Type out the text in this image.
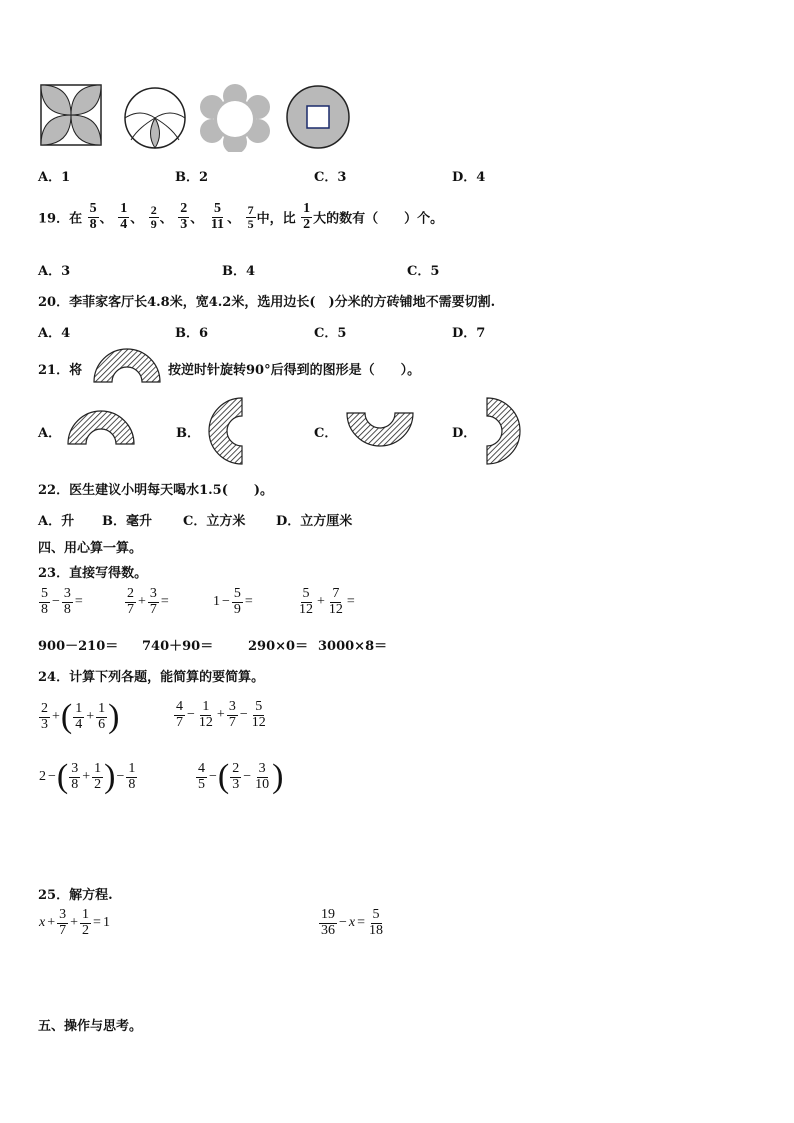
A．1	B．2	C．3	D．4
19．在 $\frac{5}{8}$ 、 $\frac{1}{4}$ 、 $\frac{2}{9}$ 、 $\frac{2}{3}$ 、 $\frac{5}{11}$ 、 $\frac{7}{5}$ 中，比 $\frac{1}{2}$ 大的数有（　　）个。
A．3	B．4	C．5
20．李菲家客厅长4.8米，宽4.2米，选用边长(　)分米的方砖铺地不需要切割.
A．4	B．6	C．5	D．7
21．将	按逆时针旋转90°后得到的图形是（　　）。
A．	B．	C．	D．
22．医生建议小明每天喝水1.5(　　)。
A．升 B．毫升 C．立方米 D．立方厘米
四、用心算一算。
23．直接写得数。
$\frac{5}{8} - \frac{3}{8}$ =	$\frac{2}{7} + \frac{3}{7}$ =	$1 - \frac{5}{9}$ =	$\frac{5}{12} + \frac{7}{12}$ =
900－210＝ 740＋90＝	290×0＝ 3000×8＝
24．计算下列各题，能简算的要简算。
$\frac{2}{3}$ +( $\frac{1}{4} + \frac{1}{6}$ )	$\frac{4}{7} - \frac{1}{12} + \frac{3}{7} - \frac{5}{12}$
2 −( $\frac{3}{8} + \frac{1}{2}$ )− $\frac{1}{8}$	$\frac{4}{5}$ −( $\frac{2}{3} - \frac{3}{10}$ )
25．解方程.
$x + \frac{3}{7} + \frac{1}{2} = 1$	$\frac{19}{36} - x = \frac{5}{18}$
五、操作与思考。
